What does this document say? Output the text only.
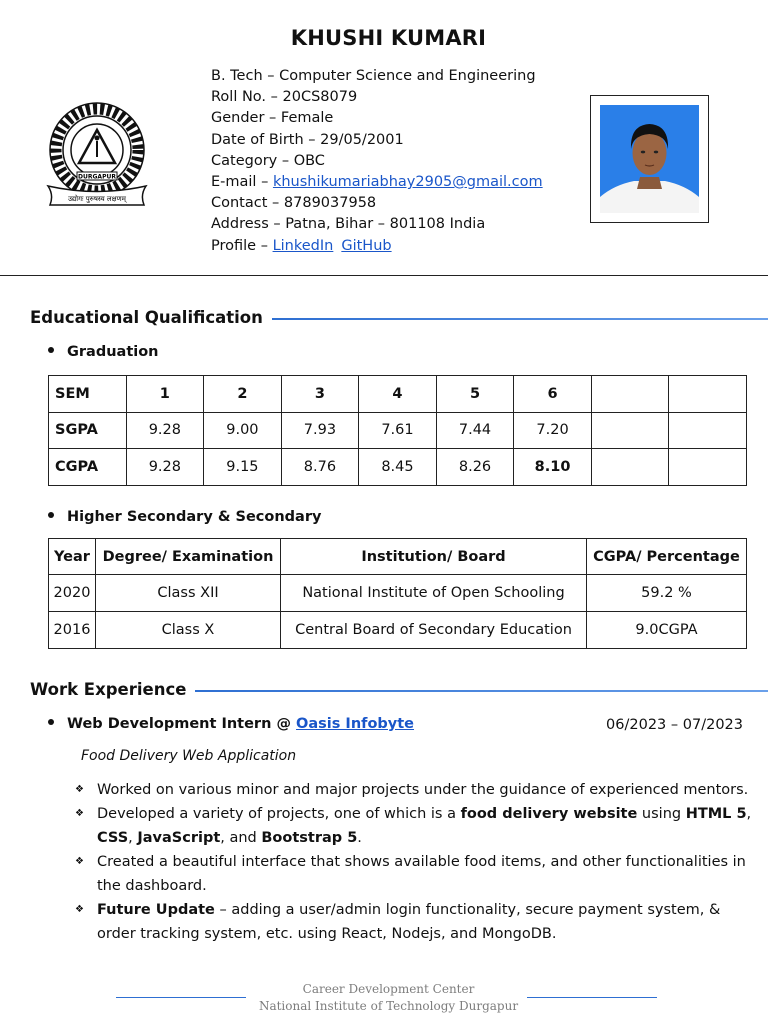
KHUSHI KUMARI
DURGAPUR
उद्योगः पुरुषस्य लक्षणम्
B. Tech – Computer Science and Engineering
Roll No. – 20CS8079
Gender – Female
Date of Birth – 29/05/2001
Category – OBC
E-mail – khushikumariabhay2905@gmail.com
Contact – 8789037958
Address – Patna, Bihar – 801108 India
Profile – LinkedIn GitHub
Educational Qualification
Graduation
SEM	1	2	3	4	5	6		
SGPA	9.28	9.00	7.93	7.61	7.44	7.20		
CGPA	9.28	9.15	8.76	8.45	8.26	8.10		
Higher Secondary & Secondary
Year	Degree/ Examination	Institution/ Board	CGPA/ Percentage
2020	Class XII	National Institute of Open Schooling	59.2 %
2016	Class X	Central Board of Secondary Education	9.0CGPA
Work Experience
Web Development Intern @ Oasis Infobyte	06/2023 – 07/2023
Food Delivery Web Application
❖ Worked on various minor and major projects under the guidance of experienced mentors.
❖ Developed a variety of projects, one of which is a food delivery website using HTML 5, CSS, JavaScript, and Bootstrap 5.
❖ Created a beautiful interface that shows available food items, and other functionalities in the dashboard.
❖ Future Update – adding a user/admin login functionality, secure payment system, & order tracking system, etc. using React, Nodejs, and MongoDB.
Career Development Center
National Institute of Technology Durgapur
